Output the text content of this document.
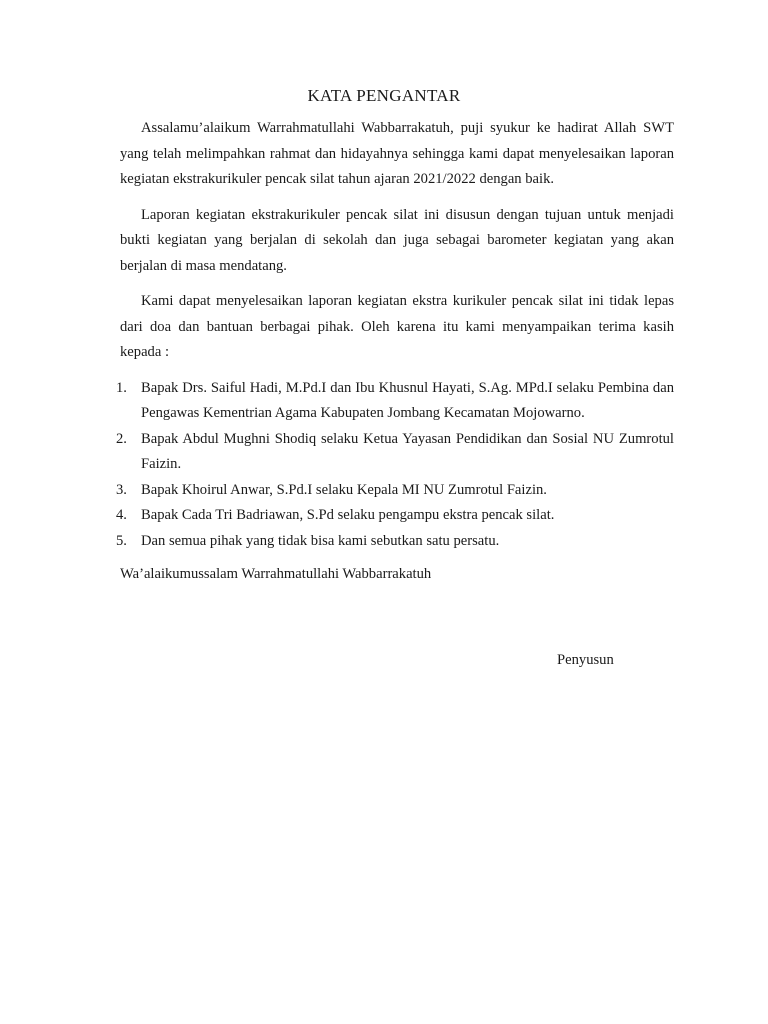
KATA PENGANTAR

Assalamu’alaikum Warrahmatullahi Wabbarrakatuh, puji syukur ke hadirat Allah SWT yang telah melimpahkan rahmat dan hidayahnya sehingga kami dapat menyelesaikan laporan kegiatan ekstrakurikuler pencak silat tahun ajaran 2021/2022 dengan baik.

Laporan kegiatan ekstrakurikuler pencak silat ini disusun dengan tujuan untuk menjadi bukti kegiatan yang berjalan di sekolah dan juga sebagai barometer kegiatan yang akan berjalan di masa mendatang.

Kami dapat menyelesaikan laporan kegiatan ekstra kurikuler pencak silat ini tidak lepas dari doa dan bantuan berbagai pihak. Oleh karena itu kami menyampaikan terima kasih kepada :

1. Bapak Drs. Saiful Hadi, M.Pd.I dan Ibu Khusnul Hayati, S.Ag. MPd.I selaku Pembina dan Pengawas Kementrian Agama Kabupaten Jombang Kecamatan Mojowarno.
2. Bapak Abdul Mughni Shodiq selaku Ketua Yayasan Pendidikan dan Sosial NU Zumrotul Faizin.
3. Bapak Khoirul Anwar, S.Pd.I selaku Kepala MI NU Zumrotul Faizin.
4. Bapak Cada Tri Badriawan, S.Pd selaku pengampu ekstra pencak silat.
5. Dan semua pihak yang tidak bisa kami sebutkan satu persatu.

Wa’alaikumussalam Warrahmatullahi Wabbarrakatuh

Penyusun
